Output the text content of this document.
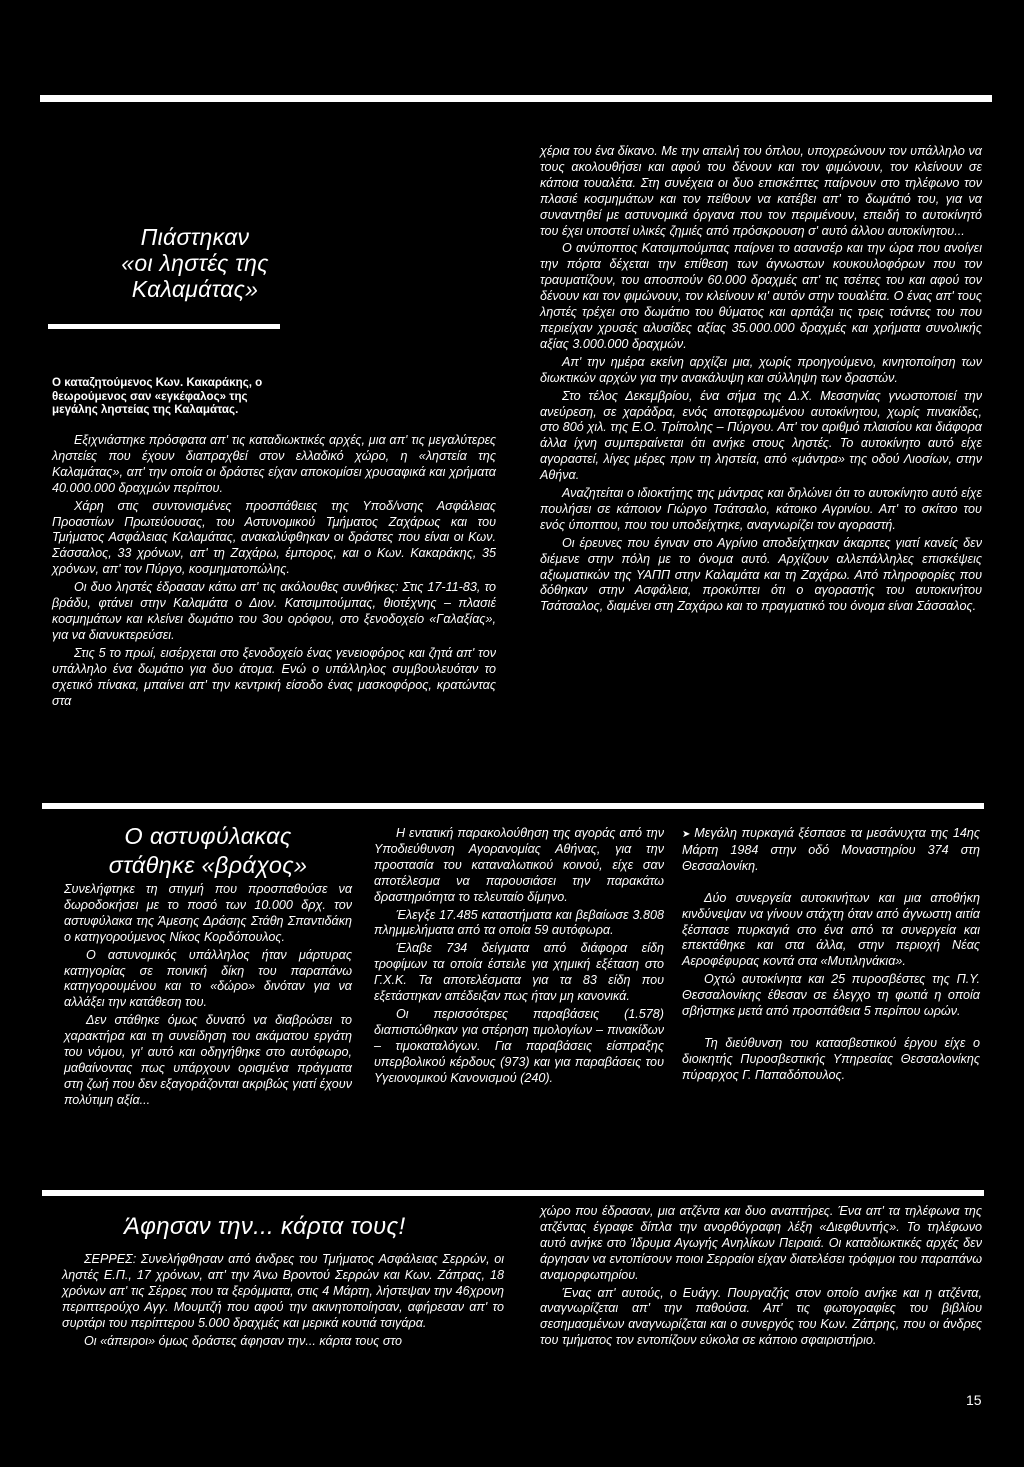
Πιάστηκαν
«οι ληστές της
Καλαμάτας»

Ο καταζητούμενος Κων. Κακαράκης, ο θεωρούμενος σαν «εγκέφαλος» της μεγάλης ληστείας της Καλαμάτας.

Εξιχνιάστηκε πρόσφατα απ' τις καταδιωκτικές αρχές, μια απ' τις μεγαλύτερες ληστείες που έχουν διαπραχθεί στον ελλαδικό χώρο, η «ληστεία της Καλαμάτας», απ' την οποία οι δράστες είχαν αποκομίσει χρυσαφικά και χρήματα 40.000.000 δραχμών περίπου.

Χάρη στις συντονισμένες προσπάθειες της Υποδ/νσης Ασφάλειας Προαστίων Πρωτεύουσας, του Αστυνομικού Τμήματος Ζαχάρως και του Τμήματος Ασφάλειας Καλαμάτας, ανακαλύφθηκαν οι δράστες που είναι οι Κων. Σάσσαλος, 33 χρόνων, απ' τη Ζαχάρω, έμπορος, και ο Κων. Κακαράκης, 35 χρόνων, απ' τον Πύργο, κοσμηματοπώλης.

Οι δυο ληστές έδρασαν κάτω απ' τις ακόλουθες συνθήκες: Στις 17-11-83, το βράδυ, φτάνει στην Καλαμάτα ο Διον. Κατσιμπούμπας, θιοτέχνης – πλασιέ κοσμημάτων και κλείνει δωμάτιο του 3ου ορόφου, στο ξενοδοχείο «Γαλαξίας», για να διανυκτερεύσει.

Στις 5 το πρωί, εισέρχεται στο ξενοδοχείο ένας γενειοφόρος και ζητά απ' τον υπάλληλο ένα δωμάτιο για δυο άτομα. Ενώ ο υπάλληλος συμβουλευόταν το σχετικό πίνακα, μπαίνει απ' την κεντρική είσοδο ένας μασκοφόρος, κρατώντας στα

χέρια του ένα δίκανο. Με την απειλή του όπλου, υποχρεώνουν τον υπάλληλο να τους ακολουθήσει και αφού του δένουν και τον φιμώνουν, τον κλείνουν σε κάποια τουαλέτα. Στη συνέχεια οι δυο επισκέπτες παίρνουν στο τηλέφωνο τον πλασιέ κοσμημάτων και τον πείθουν να κατέβει απ' το δωμάτιό του, για να συναντηθεί με αστυνομικά όργανα που τον περιμένουν, επειδή το αυτοκίνητό του έχει υποστεί υλικές ζημιές από πρόσκρουση σ' αυτό άλλου αυτοκίνητου...

Ο ανύποπτος Κατσιμπούμπας παίρνει το ασανσέρ και την ώρα που ανοίγει την πόρτα δέχεται την επίθεση των άγνωστων κουκουλοφόρων που τον τραυματίζουν, του αποσπούν 60.000 δραχμές απ' τις τσέπες του και αφού τον δένουν και τον φιμώνουν, τον κλείνουν κι' αυτόν στην τουαλέτα. Ο ένας απ' τους ληστές τρέχει στο δωμάτιο του θύματος και αρπάζει τις τρεις τσάντες του που περιείχαν χρυσές αλυσίδες αξίας 35.000.000 δραχμές και χρήματα συνολικής αξίας 3.000.000 δραχμών.

Απ' την ημέρα εκείνη αρχίζει μια, χωρίς προηγούμενο, κινητοποίηση των διωκτικών αρχών για την ανακάλυψη και σύλληψη των δραστών.

Στο τέλος Δεκεμβρίου, ένα σήμα της Δ.Χ. Μεσσηνίας γνωστοποιεί την ανεύρεση, σε χαράδρα, ενός αποτεφρωμένου αυτοκίνητου, χωρίς πινακίδες, στο 80ό χιλ. της Ε.Ο. Τρίπολης – Πύργου. Απ' τον αριθμό πλαισίου και διάφορα άλλα ίχνη συμπεραίνεται ότι ανήκε στους ληστές. Το αυτοκίνητο αυτό είχε αγοραστεί, λίγες μέρες πριν τη ληστεία, από «μάντρα» της οδού Λιοσίων, στην Αθήνα.

Αναζητείται ο ιδιοκτήτης της μάντρας και δηλώνει ότι το αυτοκίνητο αυτό είχε πουλήσει σε κάποιον Γιώργο Τσάτσαλο, κάτοικο Αγρινίου. Απ' το σκίτσο του ενός ύποπτου, που του υποδείχτηκε, αναγνωρίζει τον αγοραστή.

Οι έρευνες που έγιναν στο Αγρίνιο αποδείχτηκαν άκαρπες γιατί κανείς δεν διέμενε στην πόλη με το όνομα αυτό. Αρχίζουν αλλεπάλληλες επισκέψεις αξιωματικών της ΥΑΠΠ στην Καλαμάτα και τη Ζαχάρω. Από πληροφορίες που δόθηκαν στην Ασφάλεια, προκύπτει ότι ο αγοραστής του αυτοκινήτου Τσάτσαλος, διαμένει στη Ζαχάρω και το πραγματικό του όνομα είναι Σάσσαλος.

Ο αστυφύλακας
στάθηκε «βράχος»

Συνελήφτηκε τη στιγμή που προσπαθούσε να δωροδοκήσει με το ποσό των 10.000 δρχ. τον αστυφύλακα της Άμεσης Δράσης Στάθη Σπαντιδάκη ο κατηγορούμενος Νίκος Κορδόπουλος.

Ο αστυνομικός υπάλληλος ήταν μάρτυρας κατηγορίας σε ποινική δίκη του παραπάνω κατηγορουμένου και το «δώρο» δινόταν για να αλλάξει την κατάθεση του.

Δεν στάθηκε όμως δυνατό να διαβρώσει το χαρακτήρα και τη συνείδηση του ακάματου εργάτη του νόμου, γι' αυτό και οδηγήθηκε στο αυτόφωρο, μαθαίνοντας πως υπάρχουν ορισμένα πράγματα στη ζωή που δεν εξαγοράζονται ακριβώς γιατί έχουν πολύτιμη αξία...

Η εντατική παρακολούθηση της αγοράς από την Υποδιεύθυνση Αγορανομίας Αθήνας, για την προστασία του καταναλωτικού κοινού, είχε σαν αποτέλεσμα να παρουσιάσει την παρακάτω δραστηριότητα το τελευταίο δίμηνο.

Έλεγξε 17.485 καταστήματα και βεβαίωσε 3.808 πλημμελήματα από τα οποία 59 αυτόφωρα.

Έλαβε 734 δείγματα από διάφορα είδη τροφίμων τα οποία έστειλε για χημική εξέταση στο Γ.Χ.Κ. Τα αποτελέσματα για τα 83 είδη που εξετάστηκαν απέδειξαν πως ήταν μη κανονικά.

Οι περισσότερες παραβάσεις (1.578) διαπιστώθηκαν για στέρηση τιμολογίων – πινακίδων – τιμοκαταλόγων. Για παραβάσεις είσπραξης υπερβολικού κέρδους (973) και για παραβάσεις του Υγειονομικού Κανονισμού (240).

➤ Μεγάλη πυρκαγιά ξέσπασε τα μεσάνυχτα της 14ης Μάρτη 1984 στην οδό Μοναστηρίου 374 στη Θεσσαλονίκη.

Δύο συνεργεία αυτοκινήτων και μια αποθήκη κινδύνεψαν να γίνουν στάχτη όταν από άγνωστη αιτία ξέσπασε πυρκαγιά στο ένα από τα συνεργεία και επεκτάθηκε και στα άλλα, στην περιοχή Νέας Αεροφέφυρας κοντά στα «Μυτιληνάκια».

Οχτώ αυτοκίνητα και 25 πυροσβέστες της Π.Υ. Θεσσαλονίκης έθεσαν σε έλεγχο τη φωτιά η οποία σβήστηκε μετά από προσπάθεια 5 περίπου ωρών.

Τη διεύθυνση του κατασβεστικού έργου είχε ο διοικητής Πυροσβεστικής Υπηρεσίας Θεσσαλονίκης πύραρχος Γ. Παπαδόπουλος.

Άφησαν την... κάρτα τους!

ΣΕΡΡΕΣ: Συνελήφθησαν από άνδρες του Τμήματος Ασφάλειας Σερρών, οι ληστές Ε.Π., 17 χρόνων, απ' την Άνω Βροντού Σερρών και Κων. Ζάπρας, 18 χρόνων απ' τις Σέρρες που τα ξερόμματα, στις 4 Μάρτη, λήστεψαν την 46χρονη περιπτερούχο Αγγ. Μουμτζή που αφού την ακινητοποίησαν, αφήρεσαν απ' το συρτάρι του περίπτερου 5.000 δραχμές και μερικά κουτιά τσιγάρα.

Οι «άπειροι» όμως δράστες άφησαν την... κάρτα τους στο

χώρο που έδρασαν, μια ατζέντα και δυο αναπτήρες. Ένα απ' τα τηλέφωνα της ατζέντας έγραφε δίπλα την ανορθόγραφη λέξη «Διεφθυντής». Το τηλέφωνο αυτό ανήκε στο Ίδρυμα Αγωγής Ανηλίκων Πειραιά. Οι καταδιωκτικές αρχές δεν άργησαν να εντοπίσουν ποιοι Σερραίοι είχαν διατελέσει τρόφιμοι του παραπάνω αναμορφωτηρίου.

Ένας απ' αυτούς, ο Ευάγγ. Πουργαζής στον οποίο ανήκε και η ατζέντα, αναγνωρίζεται απ' την παθούσα. Απ' τις φωτογραφίες του βιβλίου σεσημασμένων αναγνωρίζεται και ο συνεργός του Κων. Ζάπρης, που οι άνδρες του τμήματος τον εντοπίζουν εύκολα σε κάποιο σφαιριστήριο.

15
